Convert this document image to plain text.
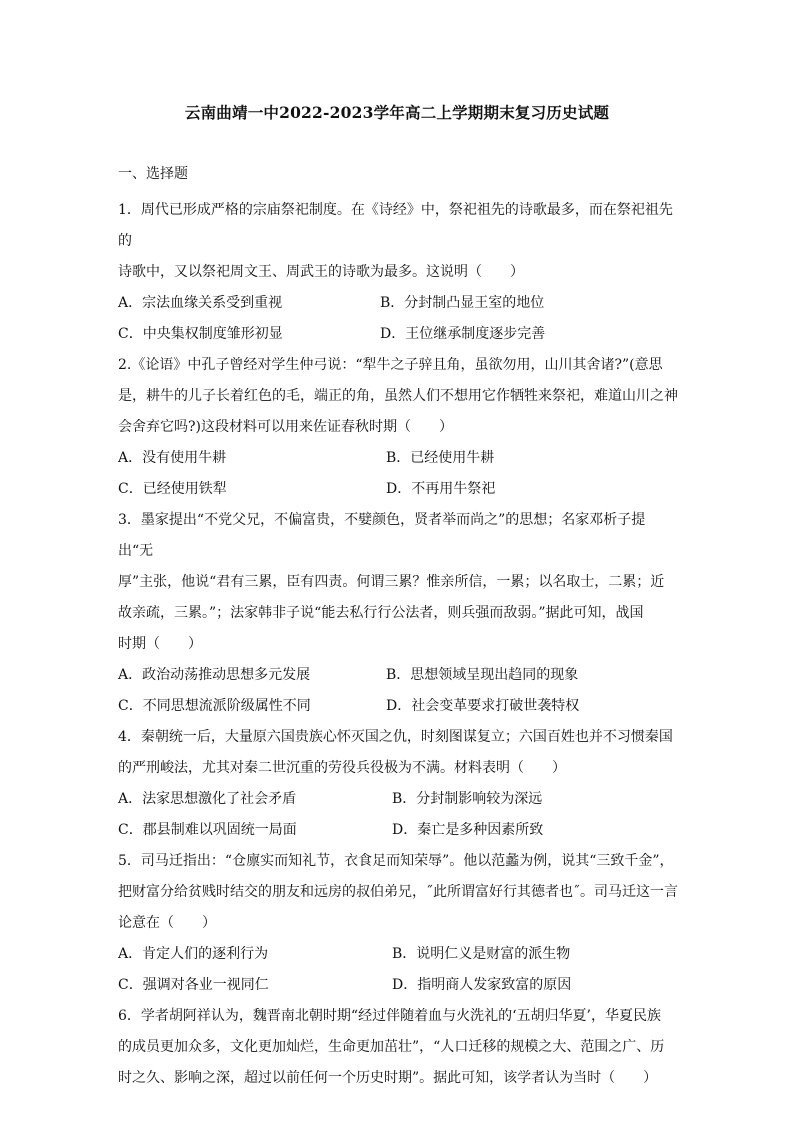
云南曲靖一中2022-2023学年高二上学期期末复习历史试题
一、选择题
1．周代已形成严格的宗庙祭祀制度。在《诗经》中，祭祀祖先的诗歌最多，而在祭祀祖先的
诗歌中，又以祭祀周文王、周武王的诗歌为最多。这说明（　　）
A．宗法血缘关系受到重视	B．分封制凸显王室的地位
C．中央集权制度雏形初显	D．王位继承制度逐步完善
2.《论语》中孔子曾经对学生仲弓说：“犁牛之子骍且角，虽欲勿用，山川其舍诸?”(意思
是，耕牛的儿子长着红色的毛，端正的角，虽然人们不想用它作牺牲来祭祀，难道山川之神
会舍弃它吗?)这段材料可以用来佐证春秋时期（　　）
A．没有使用牛耕	B．已经使用牛耕
C．已经使用铁犁	D．不再用牛祭祀
3．墨家提出“不党父兄，不偏富贵，不嬖颜色，贤者举而尚之”的思想；名家邓析子提出“无
厚”主张，他说“君有三累，臣有四责。何谓三累？惟亲所信，一累；以名取士，二累；近
故亲疏，三累。”；法家韩非子说“能去私行行公法者，则兵强而敌弱。”据此可知，战国
时期（　　）
A．政治动荡推动思想多元发展	B．思想领域呈现出趋同的现象
C．不同思想流派阶级属性不同	D．社会变革要求打破世袭特权
4．秦朝统一后，大量原六国贵族心怀灭国之仇，时刻图谋复立；六国百姓也并不习惯秦国
的严刑峻法，尤其对秦二世沉重的劳役兵役极为不满。材料表明（　　）
A．法家思想激化了社会矛盾	B．分封制影响较为深远
C．郡县制难以巩固统一局面	D．秦亡是多种因素所致
5．司马迁指出：“仓廪实而知礼节，衣食足而知荣辱”。他以范蠡为例，说其“三致千金”，
把财富分给贫贱时结交的朋友和远房的叔伯弟兄，˝此所谓富好行其德者也˝。司马迁这一言
论意在（　　）
A．肯定人们的逐利行为	B．说明仁义是财富的派生物
C．强调对各业一视同仁	D．指明商人发家致富的原因
6．学者胡阿祥认为，魏晋南北朝时期“经过伴随着血与火洗礼的‘五胡归华夏’，华夏民族
的成员更加众多，文化更加灿烂，生命更加茁壮”，“人口迁移的规模之大、范围之广、历
时之久、影响之深，超过以前任何一个历史时期”。据此可知，该学者认为当时（　　）
